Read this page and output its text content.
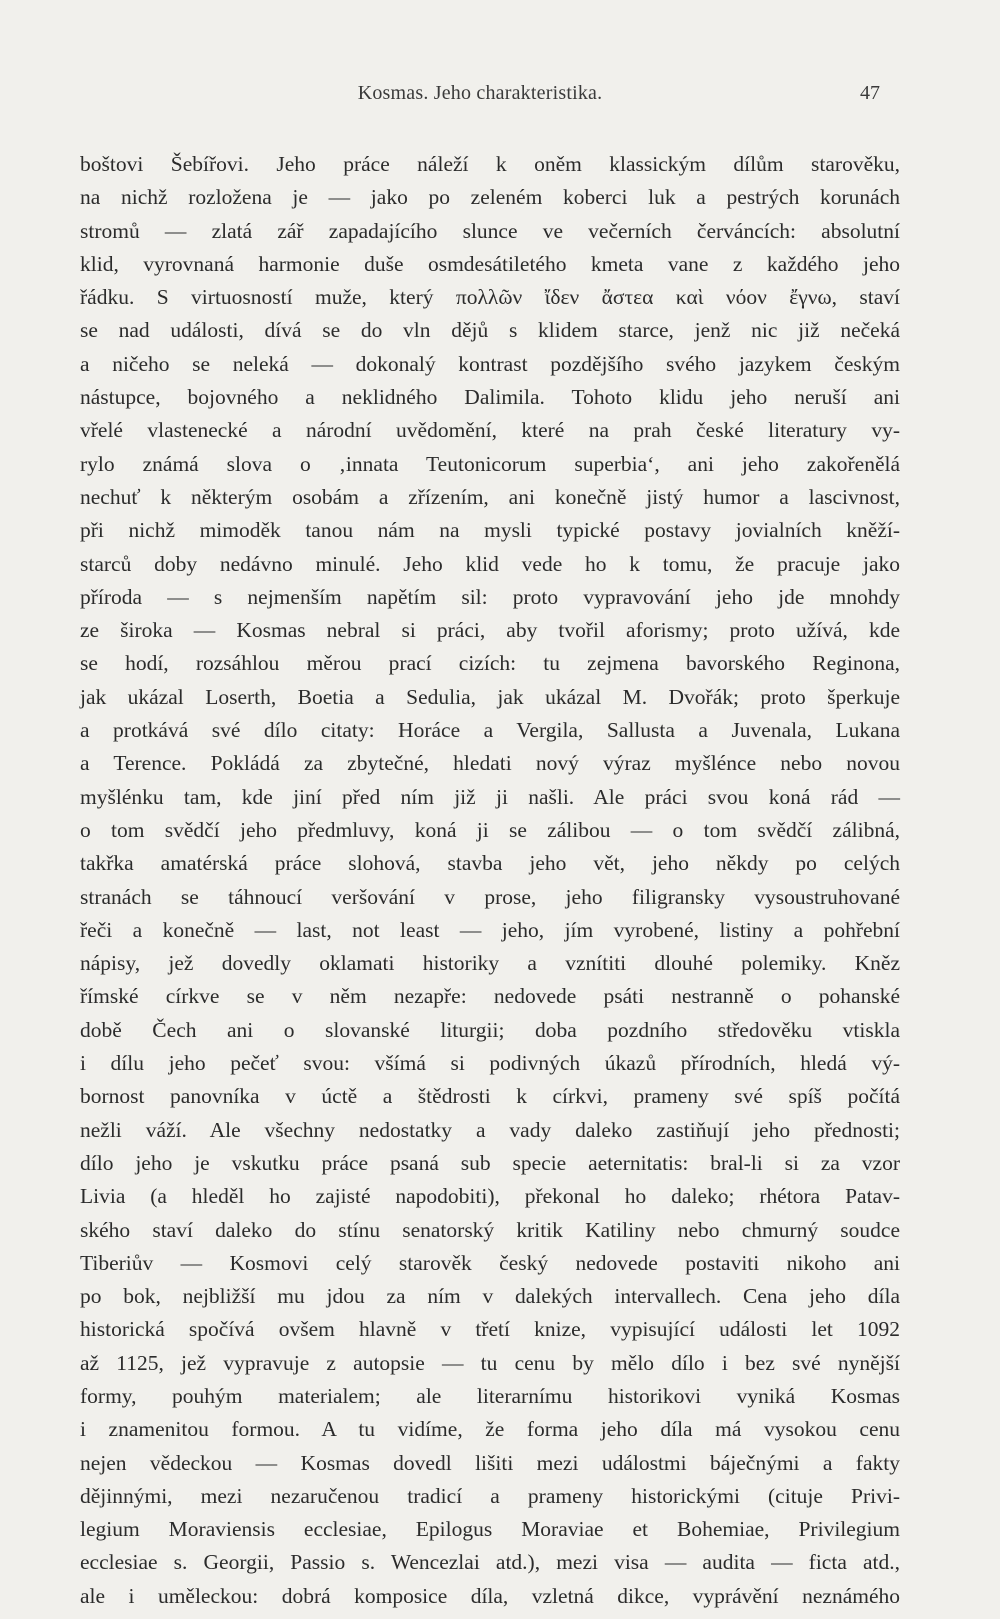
Kosmas. Jeho charakteristika.	47
boštovi Šebířovi. Jeho práce náleží k oněm klassickým dílům starověku,
na nichž rozložena je — jako po zeleném koberci luk a pestrých korunách
stromů — zlatá zář zapadajícího slunce ve večerních červáncích: absolutní
klid, vyrovnaná harmonie duše osmdesátiletého kmeta vane z každého jeho
řádku. S virtuosností muže, který πολλῶν ἴδεν ἄστεα καὶ νόον ἔγνω, staví
se nad události, dívá se do vln dějů s klidem starce, jenž nic již nečeká
a ničeho se neleká — dokonalý kontrast pozdějšího svého jazykem českým
nástupce, bojovného a neklidného Dalimila. Tohoto klidu jeho neruší ani
vřelé vlastenecké a národní uvědomění, které na prah české literatury vy-
rylo známá slova o ‚innata Teutonicorum superbia‘, ani jeho zakořenělá
nechuť k některým osobám a zřízením, ani konečně jistý humor a lascivnost,
při nichž mimoděk tanou nám na mysli typické postavy jovialních kněží-
starců doby nedávno minulé. Jeho klid vede ho k tomu, že pracuje jako
příroda — s nejmenším napětím sil: proto vypravování jeho jde mnohdy
ze široka — Kosmas nebral si práci, aby tvořil aforismy; proto užívá, kde
se hodí, rozsáhlou měrou prací cizích: tu zejmena bavorského Reginona,
jak ukázal Loserth, Boetia a Sedulia, jak ukázal M. Dvořák; proto šperkuje
a protkává své dílo citaty: Horáce a Vergila, Sallusta a Juvenala, Lukana
a Terence. Pokládá za zbytečné, hledati nový výraz myšlénce nebo novou
myšlénku tam, kde jiní před ním již ji našli. Ale práci svou koná rád —
o tom svědčí jeho předmluvy, koná ji se zálibou — o tom svědčí zálibná,
takřka amatérská práce slohová, stavba jeho vět, jeho někdy po celých
stranách se táhnoucí veršování v prose, jeho filigransky vysoustruhované
řeči a konečně — last, not least — jeho, jím vyrobené, listiny a pohřební
nápisy, jež dovedly oklamati historiky a vznítiti dlouhé polemiky. Kněz
římské církve se v něm nezapře: nedovede psáti nestranně o pohanské
době Čech ani o slovanské liturgii; doba pozdního středověku vtiskla
i dílu jeho pečeť svou: všímá si podivných úkazů přírodních, hledá vý-
bornost panovníka v úctě a štědrosti k církvi, prameny své spíš počítá
nežli váží. Ale všechny nedostatky a vady daleko zastiňují jeho přednosti;
dílo jeho je vskutku práce psaná sub specie aeternitatis: bral-li si za vzor
Livia (a hleděl ho zajisté napodobiti), překonal ho daleko; rhétora Patav-
ského staví daleko do stínu senatorský kritik Katiliny nebo chmurný soudce
Tiberiův — Kosmovi celý starověk český nedovede postaviti nikoho ani
po bok, nejbližší mu jdou za ním v dalekých intervallech. Cena jeho díla
historická spočívá ovšem hlavně v třetí knize, vypisující události let 1092
až 1125, jež vypravuje z autopsie — tu cenu by mělo dílo i bez své nynější
formy, pouhým materialem; ale literarnímu historikovi vyniká Kosmas
i znamenitou formou. A tu vidíme, že forma jeho díla má vysokou cenu
nejen vědeckou — Kosmas dovedl lišiti mezi událostmi báječnými a fakty
dějinnými, mezi nezaručenou tradicí a prameny historickými (cituje Privi-
legium Moraviensis ecclesiae, Epilogus Moraviae et Bohemiae, Privilegium
ecclesiae s. Georgii, Passio s. Wencezlai atd.), mezi visa — audita — ficta atd.,
ale i uměleckou: dobrá komposice díla, vzletná dikce, vyprávění neznámého
